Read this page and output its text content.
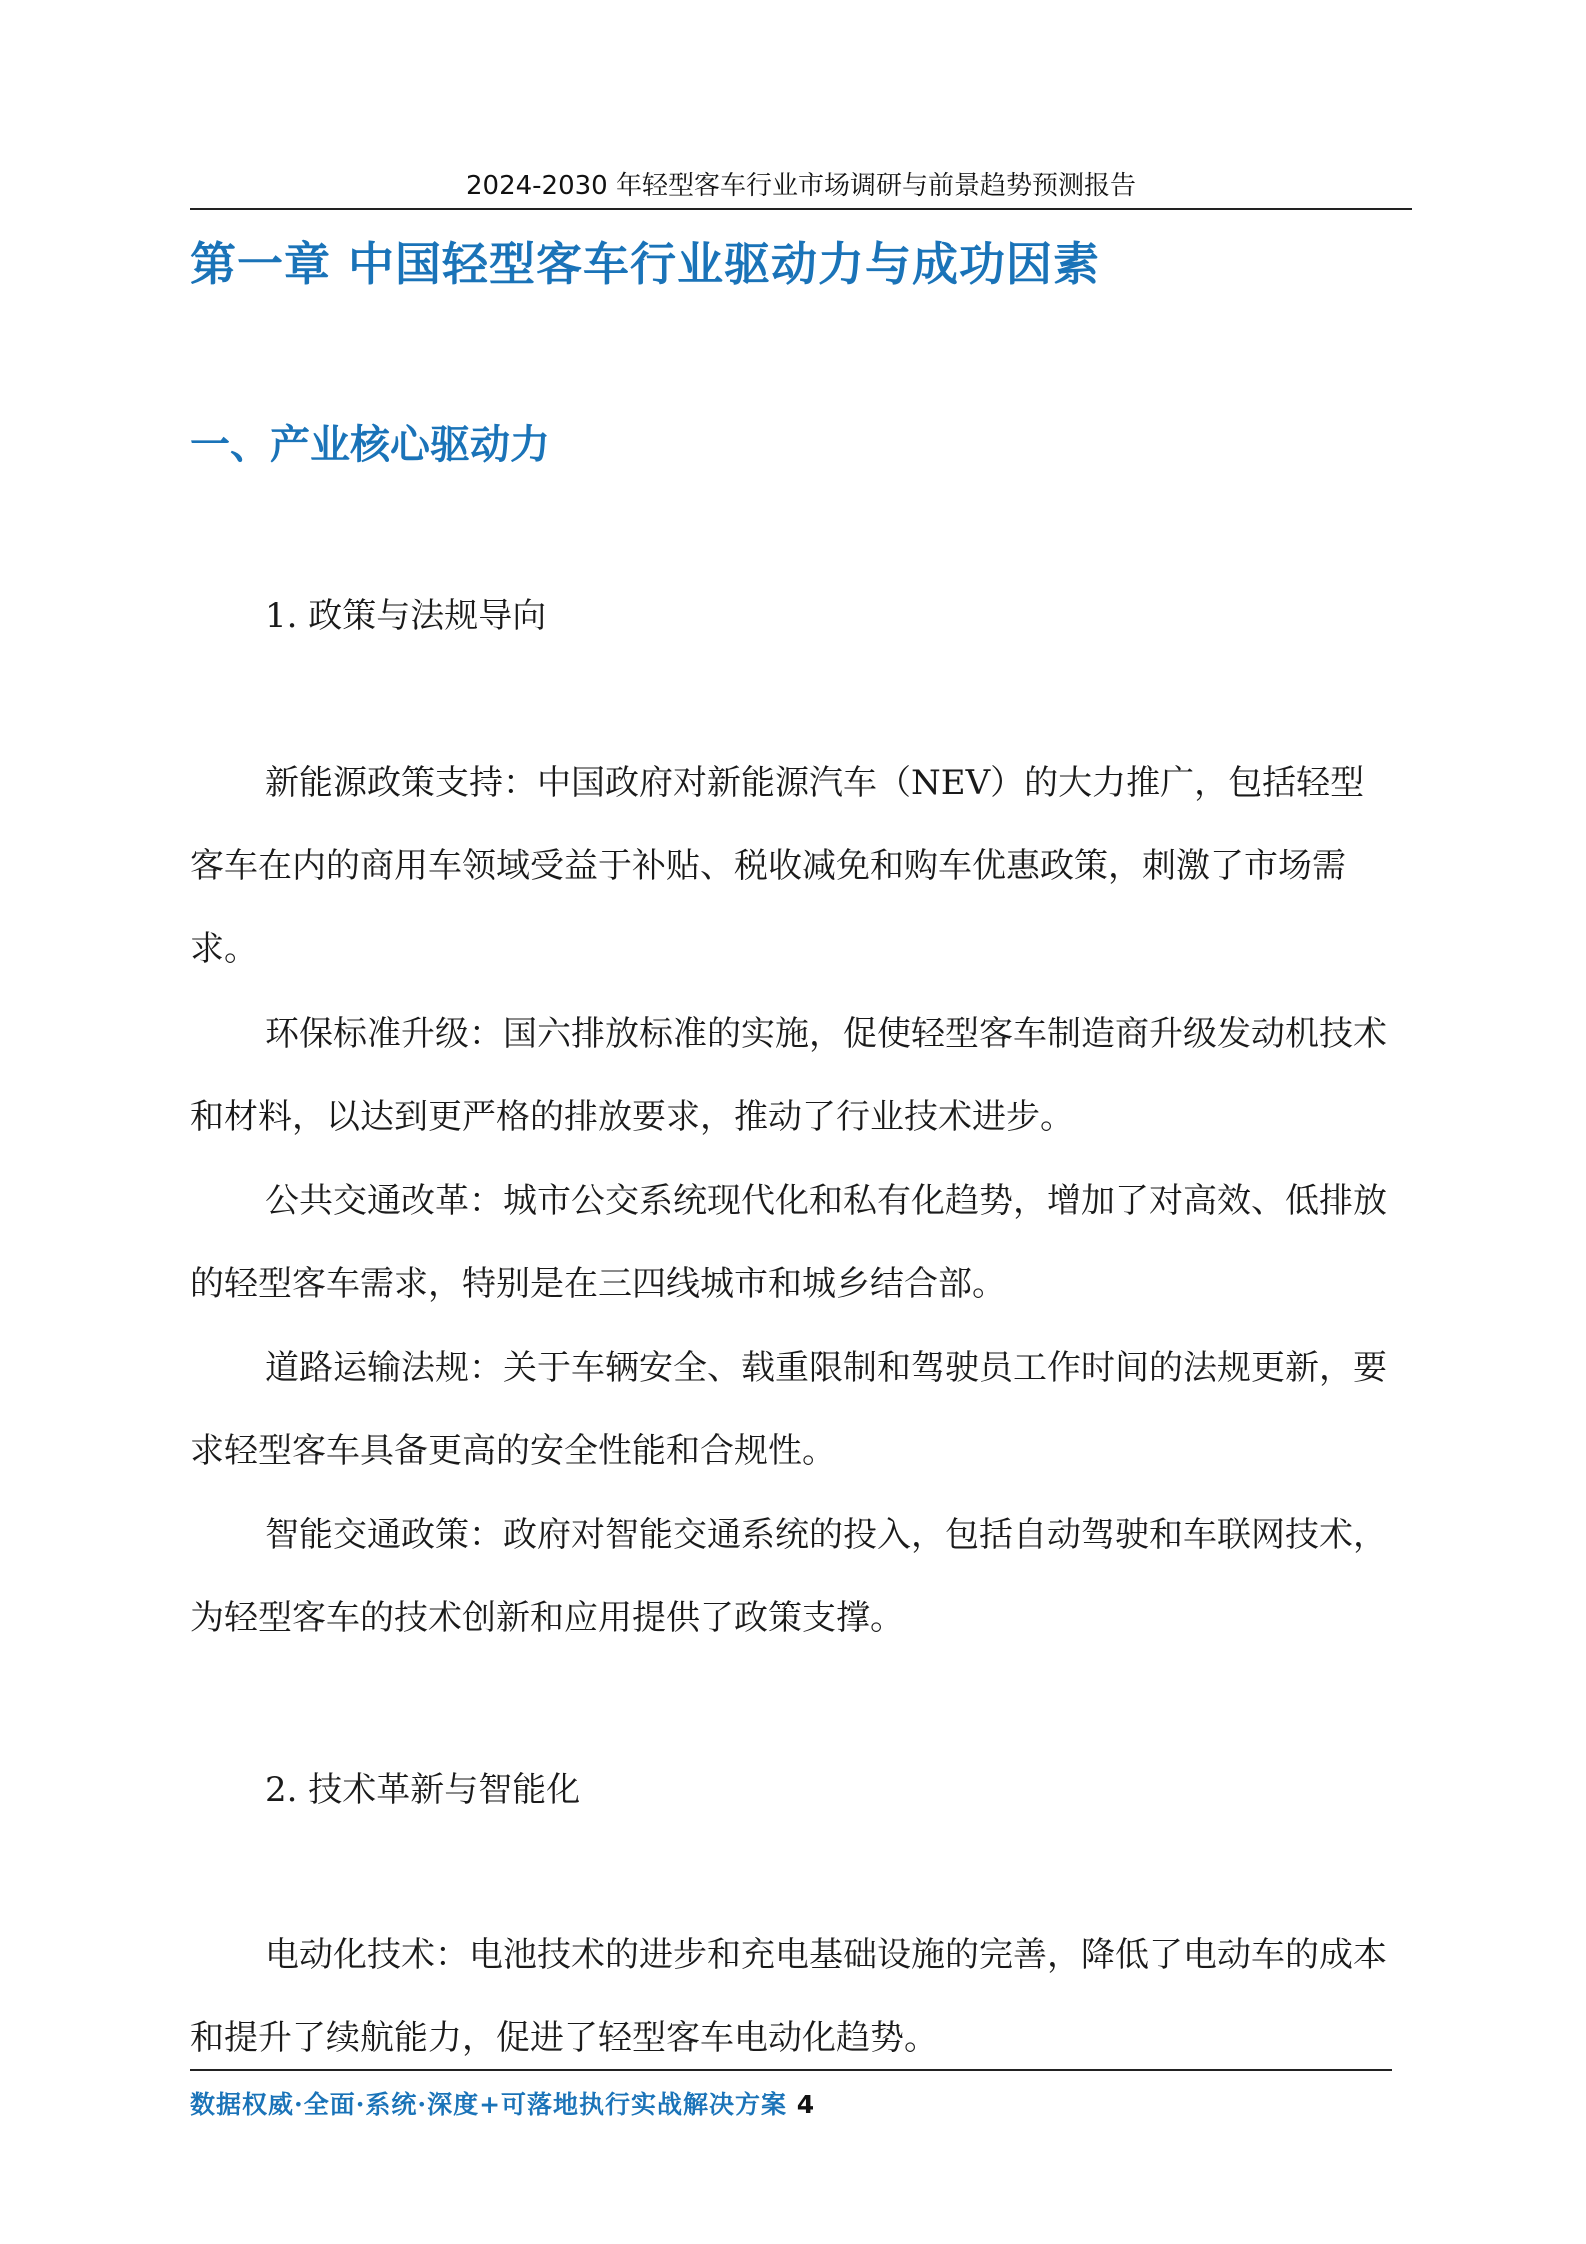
2024-2030 年轻型客车行业市场调研与前景趋势预测报告
第一章 中国轻型客车行业驱动力与成功因素
一、产业核心驱动力
1. 政策与法规导向

新能源政策支持：中国政府对新能源汽车（NEV）的大力推广，包括轻型客车在内的商用车领域受益于补贴、税收减免和购车优惠政策，刺激了市场需求。

环保标准升级：国六排放标准的实施，促使轻型客车制造商升级发动机技术和材料，以达到更严格的排放要求，推动了行业技术进步。

公共交通改革：城市公交系统现代化和私有化趋势，增加了对高效、低排放的轻型客车需求，特别是在三四线城市和城乡结合部。

道路运输法规：关于车辆安全、载重限制和驾驶员工作时间的法规更新，要求轻型客车具备更高的安全性能和合规性。

智能交通政策：政府对智能交通系统的投入，包括自动驾驶和车联网技术，为轻型客车的技术创新和应用提供了政策支撑。

2. 技术革新与智能化

电动化技术：电池技术的进步和充电基础设施的完善，降低了电动车的成本和提升了续航能力，促进了轻型客车电动化趋势。

数据权威·全面·系统·深度+可落地执行实战解决方案 4
